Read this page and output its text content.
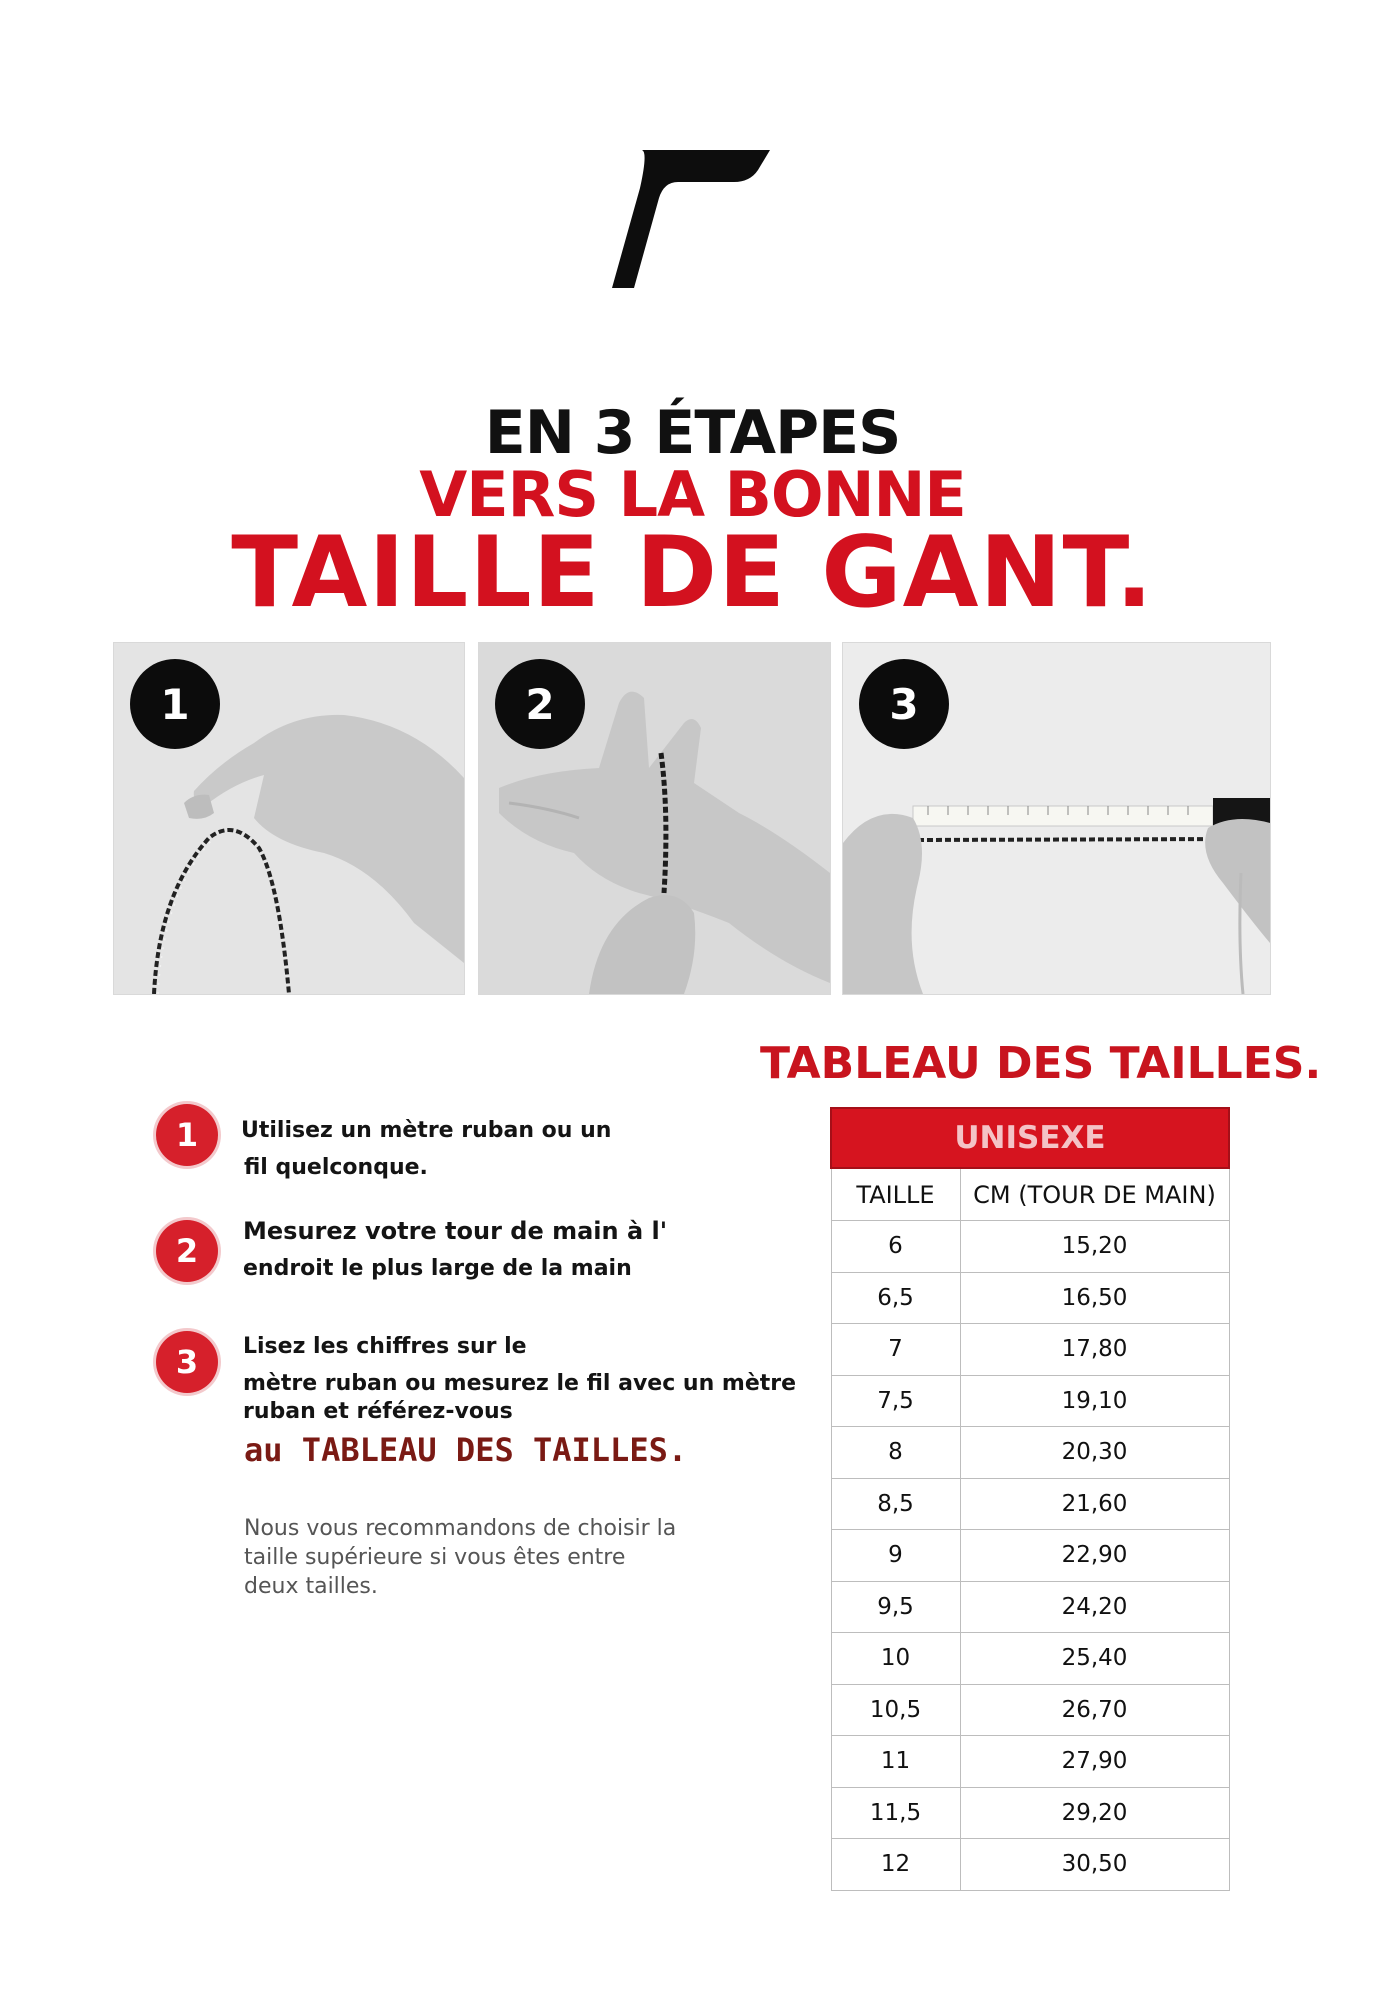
EN 3 ÉTAPES
VERS LA BONNE
TAILLE DE GANT.
1	2	3
TABLEAU DES TAILLES.
1	Utilisez un mètre ruban ou un
fil quelconque.
2
Mesurez votre tour de main à l'
endroit le plus large de la main
3	Lisez les chiffres sur le
mètre ruban ou mesurez le fil avec un mètre
ruban et référez-vous
au TABLEAU DES TAILLES.
Nous vous recommandons de choisir la
taille supérieure si vous êtes entre
deux tailles.
UNISEXE	
TAILLE	CM (TOUR DE MAIN)
6	15,20
6,5	16,50
7	17,80
7,5	19,10
8	20,30
8,5	21,60
9	22,90
9,5	24,20
10	25,40
10,5	26,70
11	27,90
11,5	29,20
12	30,50
